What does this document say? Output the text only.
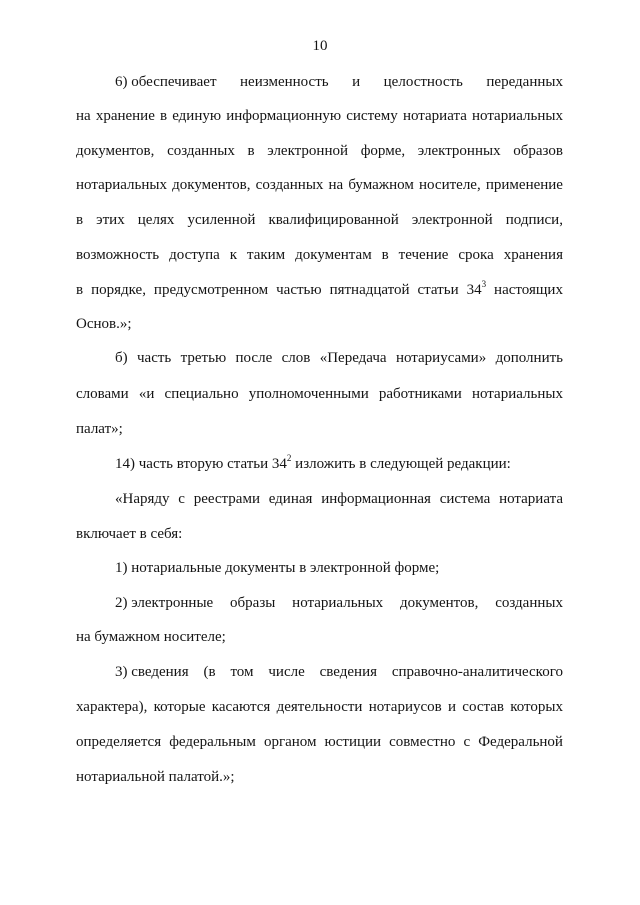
10
6) обеспечивает неизменность и целостность переданных
на хранение в единую информационную систему нотариата нотариальных
документов, созданных в электронной форме, электронных образов
нотариальных документов, созданных на бумажном носителе, применение
в этих целях усиленной квалифицированной электронной подписи,
возможность доступа к таким документам в течение срока хранения
в порядке, предусмотренном частью пятнадцатой статьи $34^3$ настоящих
Основ.»;
б) часть третью после слов «Передача нотариусами» дополнить
словами «и специально уполномоченными работниками нотариальных
палат»;
14) часть вторую статьи $34^2$ изложить в следующей редакции:
«Наряду с реестрами единая информационная система нотариата
включает в себя:
1) нотариальные документы в электронной форме;
2) электронные образы нотариальных документов, созданных
на бумажном носителе;
3) сведения (в том числе сведения справочно-аналитического
характера), которые касаются деятельности нотариусов и состав которых
определяется федеральным органом юстиции совместно с Федеральной
нотариальной палатой.»;
